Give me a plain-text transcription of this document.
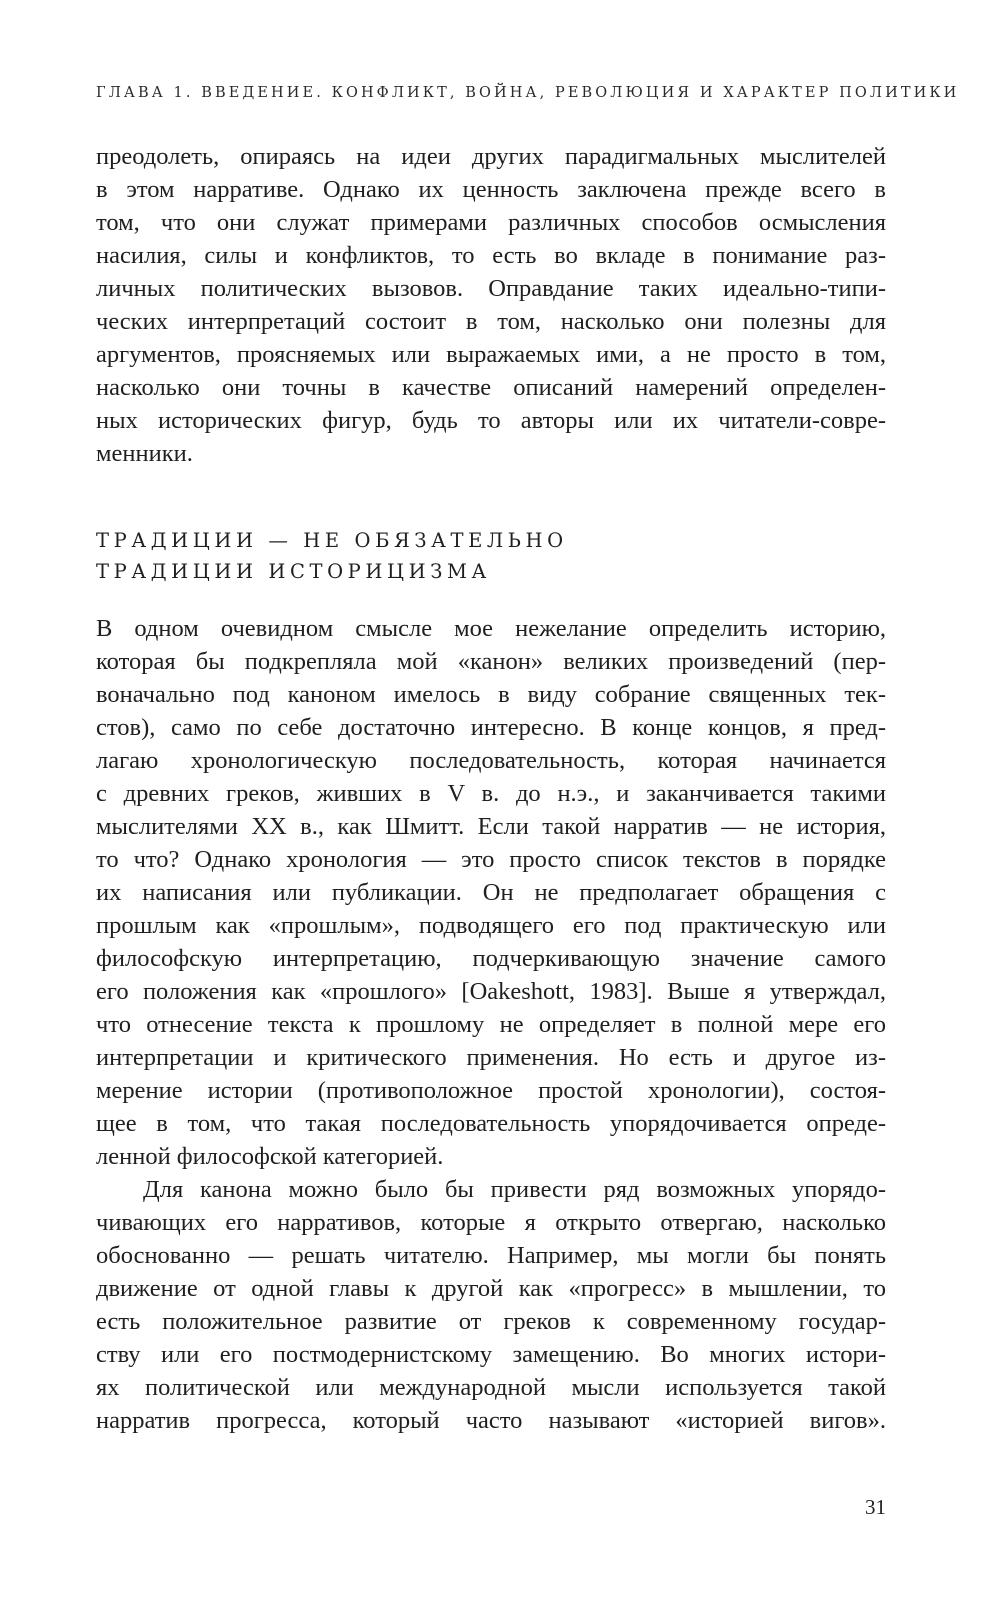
ГЛАВА 1. ВВЕДЕНИЕ. КОНФЛИКТ, ВОЙНА, РЕВОЛЮЦИЯ И ХАРАКТЕР ПОЛИТИКИ
преодолеть, опираясь на идеи других парадигмальных мыслителей
в этом нарративе. Однако их ценность заключена прежде всего в
том, что они служат примерами различных способов осмысления
насилия, силы и конфликтов, то есть во вкладе в понимание раз-
личных политических вызовов. Оправдание таких идеально-типи-
ческих интерпретаций состоит в том, насколько они полезны для
аргументов, проясняемых или выражаемых ими, а не просто в том,
насколько они точны в качестве описаний намерений определен-
ных исторических фигур, будь то авторы или их читатели-совре-
менники.
ТРАДИЦИИ — НЕ ОБЯЗАТЕЛЬНО
ТРАДИЦИИ ИСТОРИЦИЗМА
В одном очевидном смысле мое нежелание определить историю,
которая бы подкрепляла мой «канон» великих произведений (пер-
воначально под каноном имелось в виду собрание священных тек-
стов), само по себе достаточно интересно. В конце концов, я пред-
лагаю хронологическую последовательность, которая начинается
с древних греков, живших в V в. до н.э., и заканчивается такими
мыслителями XX в., как Шмитт. Если такой нарратив — не история,
то что? Однако хронология — это просто список текстов в порядке
их написания или публикации. Он не предполагает обращения с
прошлым как «прошлым», подводящего его под практическую или
философскую интерпретацию, подчеркивающую значение самого
его положения как «прошлого» [Oakeshott, 1983]. Выше я утверждал,
что отнесение текста к прошлому не определяет в полной мере его
интерпретации и критического применения. Но есть и другое из-
мерение истории (противоположное простой хронологии), состоя-
щее в том, что такая последовательность упорядочивается опреде-
ленной философской категорией.
Для канона можно было бы привести ряд возможных упорядо-
чивающих его нарративов, которые я открыто отвергаю, насколько
обоснованно — решать читателю. Например, мы могли бы понять
движение от одной главы к другой как «прогресс» в мышлении, то
есть положительное развитие от греков к современному государ-
ству или его постмодернистскому замещению. Во многих истори-
ях политической или международной мысли используется такой
нарратив прогресса, который часто называют «историей вигов».
31
